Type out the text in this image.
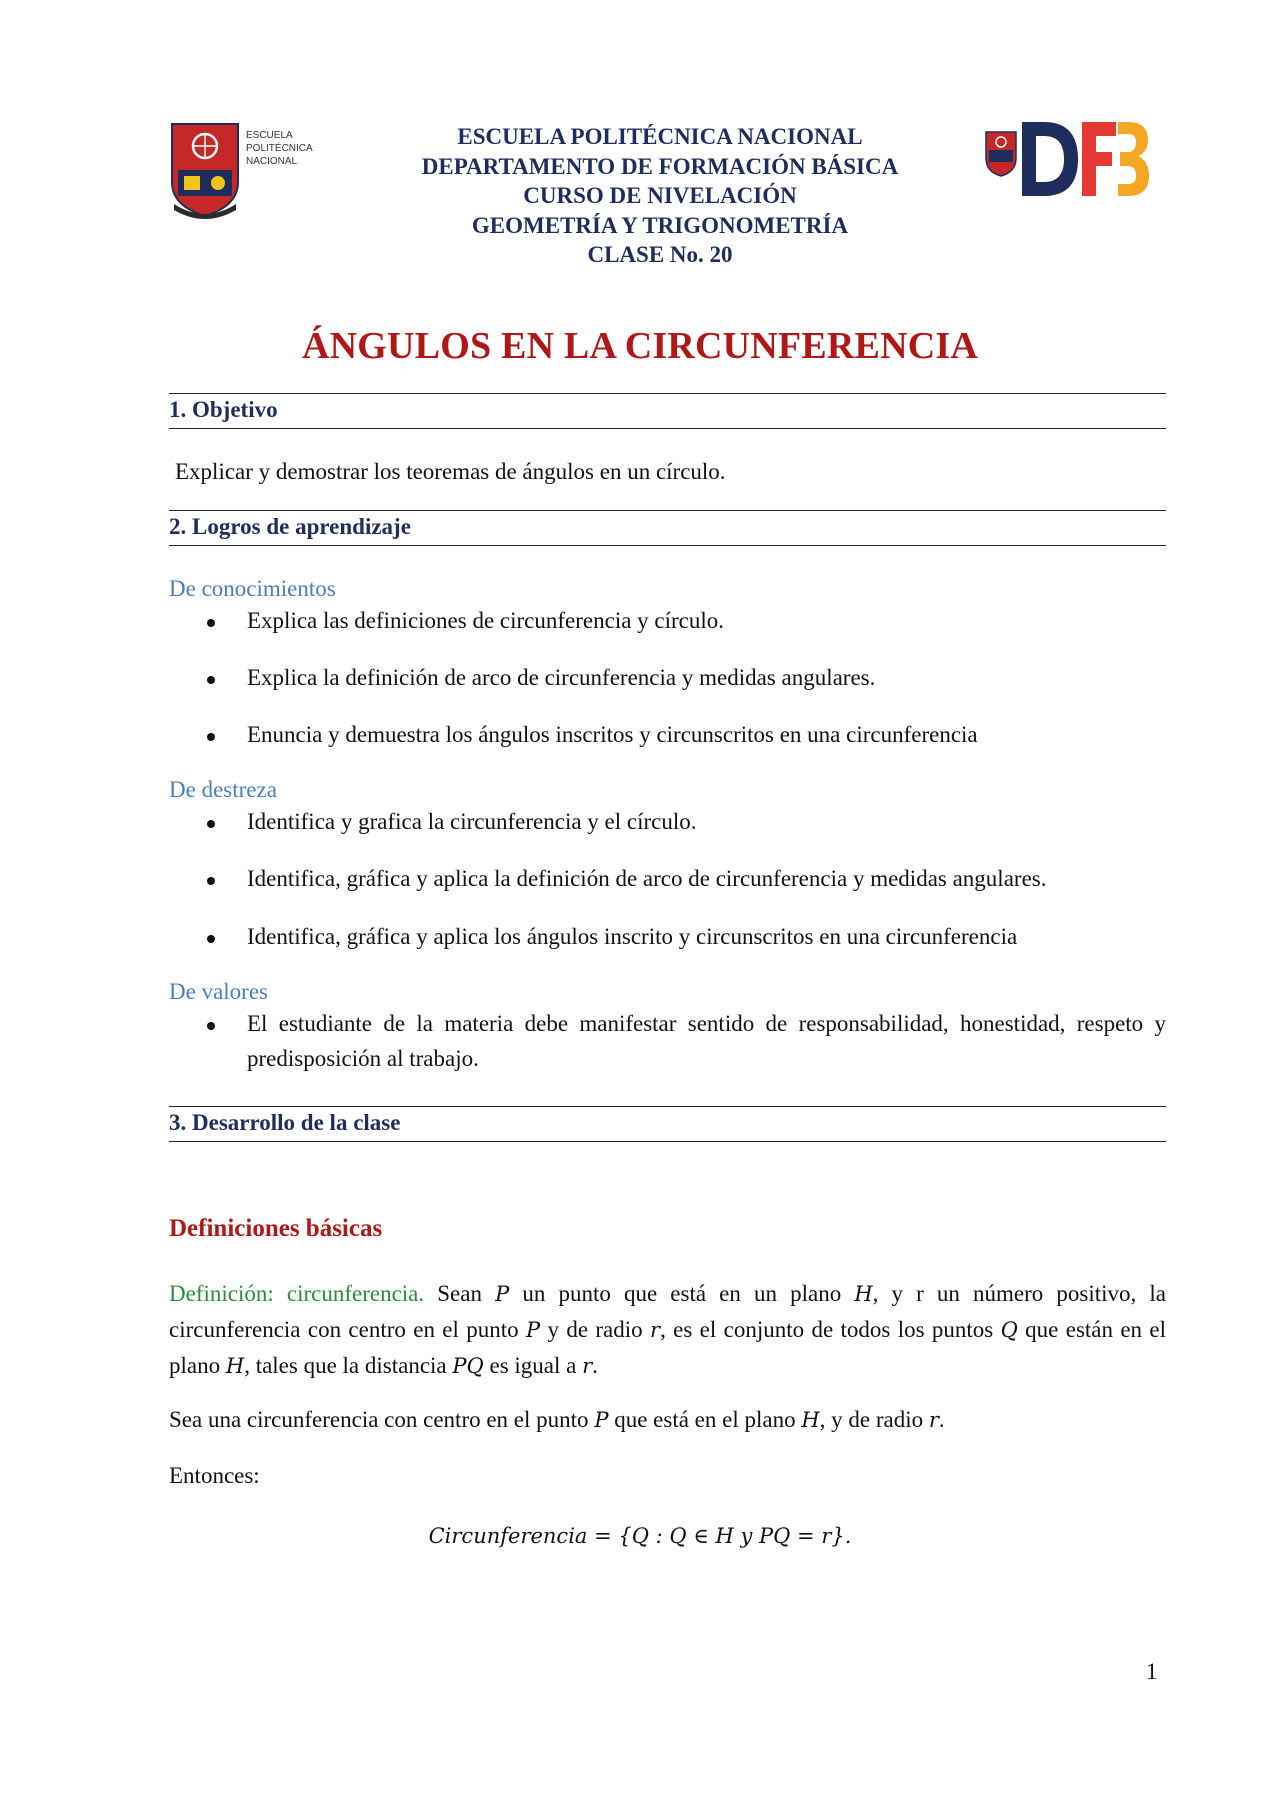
ESCUELA
POLITÉCNICA
NACIONAL
ESCUELA POLITÉCNICA NACIONAL
DEPARTAMENTO DE FORMACIÓN BÁSICA
CURSO DE NIVELACIÓN
GEOMETRÍA Y TRIGONOMETRÍA
CLASE No. 20
ÁNGULOS EN LA CIRCUNFERENCIA
1. Objetivo
Explicar y demostrar los teoremas de ángulos en un círculo.
2. Logros de aprendizaje
De conocimientos
Explica las definiciones de circunferencia y círculo.
Explica la definición de arco de circunferencia y medidas angulares.
Enuncia y demuestra los ángulos inscritos y circunscritos en una circunferencia
De destreza
Identifica y grafica la circunferencia y el círculo.
Identifica, gráfica y aplica la definición de arco de circunferencia y medidas angulares.
Identifica, gráfica y aplica los ángulos inscrito y circunscritos en una circunferencia
De valores
El estudiante de la materia debe manifestar sentido de responsabilidad, honestidad, respeto y predisposición al trabajo.
3. Desarrollo de la clase
Definiciones básicas
Definición: circunferencia. Sean P un punto que está en un plano H, y r un número positivo, la circunferencia con centro en el punto P y de radio r, es el conjunto de todos los puntos Q que están en el plano H, tales que la distancia PQ es igual a r.
Sea una circunferencia con centro en el punto P que está en el plano H, y de radio r.
Entonces:
Circunferencia = {Q : Q ∈ H y PQ = r}.
1
